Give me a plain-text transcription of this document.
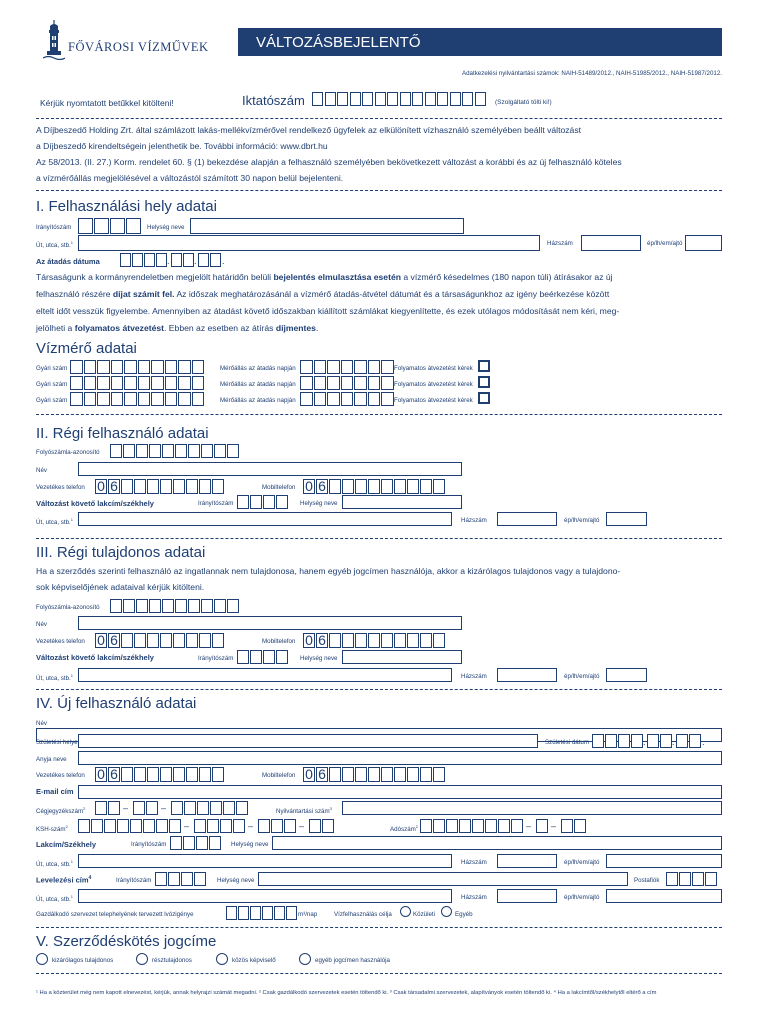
FŐVÁROSI VÍZMŰVEK	VÁLTOZÁSBEJELENTŐ
Adatkezelési nyilvántartási számok: NAIH-51489/2012., NAIH-51985/2012., NAIH-51987/2012.
Kérjük nyomtatott betűkkel kitölteni!	Iktatószám	(Szolgáltató tölti ki!)
A Díjbeszedő Holding Zrt. által számlázott lakás-mellékvízmérővel rendelkező ügyfelek az elkülönített vízhasználó személyében beállt változást
a Díjbeszedő kirendeltségein jelenthetik be. További információ: www.dbrt.hu
Az 58/2013. (II. 27.) Korm. rendelet 60. § (1) bekezdése alapján a felhasználó személyében bekövetkezett változást a korábbi és az új felhasználó köteles
a vízmérőállás megjelölésével a változástól számított 30 napon belül bejelenteni.
I. Felhasználási hely adatai
Irányítószám	Helység neve
Út, utca, stb.$^1$	Házszám	ép/lh/em/ajtó
Az átadás dátuma
Társaságunk a kormányrendeletben megjelölt határidőn belüli bejelentés elmulasztása esetén a vízmérő késedelmes (180 napon túli) átírásakor az új
felhasználó részére díjat számít fel. Az időszak meghatározásánál a vízmérő átadás-átvétel dátumát és a társaságunkhoz az igény beérkezése között
eltelt időt vesszük figyelembe. Amennyiben az átadást követő időszakban kiállított számlákat kiegyenlítette, és ezek utólagos módosítását nem kéri, meg-
jelölheti a folyamatos átvezetést. Ebben az esetben az átírás díjmentes.
Vízmérő adatai
II. Régi felhasználó adatai
Folyószámla-azonosító
Név
Vezetékes telefon	Mobiltelefon
Változást követő lakcím/székhely	Irányítószám	Helység neve
Út, utca, stb.$^1$	Házszám	ép/lh/em/ajtó
III. Régi tulajdonos adatai
Ha a szerződés szerinti felhasználó az ingatlannak nem tulajdonosa, hanem egyéb jogcímen használója, akkor a kizárólagos tulajdonos vagy a tulajdono-
sok képviselőjének adataival kérjük kitölteni.
Folyószámla-azonosító
Név
Vezetékes telefon	Mobiltelefon
Változást követő lakcím/székhely	Irányítószám	Helység neve
Út, utca, stb.$^1$	Házszám	ép/lh/em/ajtó
IV. Új felhasználó adatai
Név
Születési helye	Születési dátum
Anyja neve
Vezetékes telefon	Mobiltelefon
E-mail cím
Cégjegyzékszám$^2$	Nyilvántartási szám$^3$
KSH-szám$^2$	Adószám$^2$
Lakcím/Székhely	Irányítószám	Helység neve
Út, utca, stb.$^1$	Házszám	ép/lh/em/ajtó
Levelezési cím$^4$	Irányítószám	Helység neve	Postafiók
Út, utca, stb.$^1$	Házszám	ép/lh/em/ajtó
Gazdálkodó szervezet telephelyének tervezett lvózigénye	m³/nap	Vízfelhasználás célja	Közületi	Egyéb
V. Szerződéskötés jogcíme
kizárólagos tulajdonos	résztulajdonos	közös képviselő	egyéb jogcímen használója
¹ Ha a közterület még nem kapott elnevezést, kérjük, annak helyrajzi számát megadni. ² Csak gazdálkodó szervezetek esetén töltendő ki. ³ Csak társadalmi szervezetek, alapítványok esetén töltendő ki. ⁴ Ha a lakcímtől/székhelytől eltérő a cím
.	.	.
Gyári szám	Mérőállás az átadás napján	Folyamatos átvezetést kérek
Gyári szám	Mérőállás az átadás napján	Folyamatos átvezetést kérek
Gyári szám	Mérőállás az átadás napján	Folyamatos átvezetést kérek
0 6	0 6
0 6	0 6
.	.	.
0 6	0 6
–	–
–	–	–	– –
